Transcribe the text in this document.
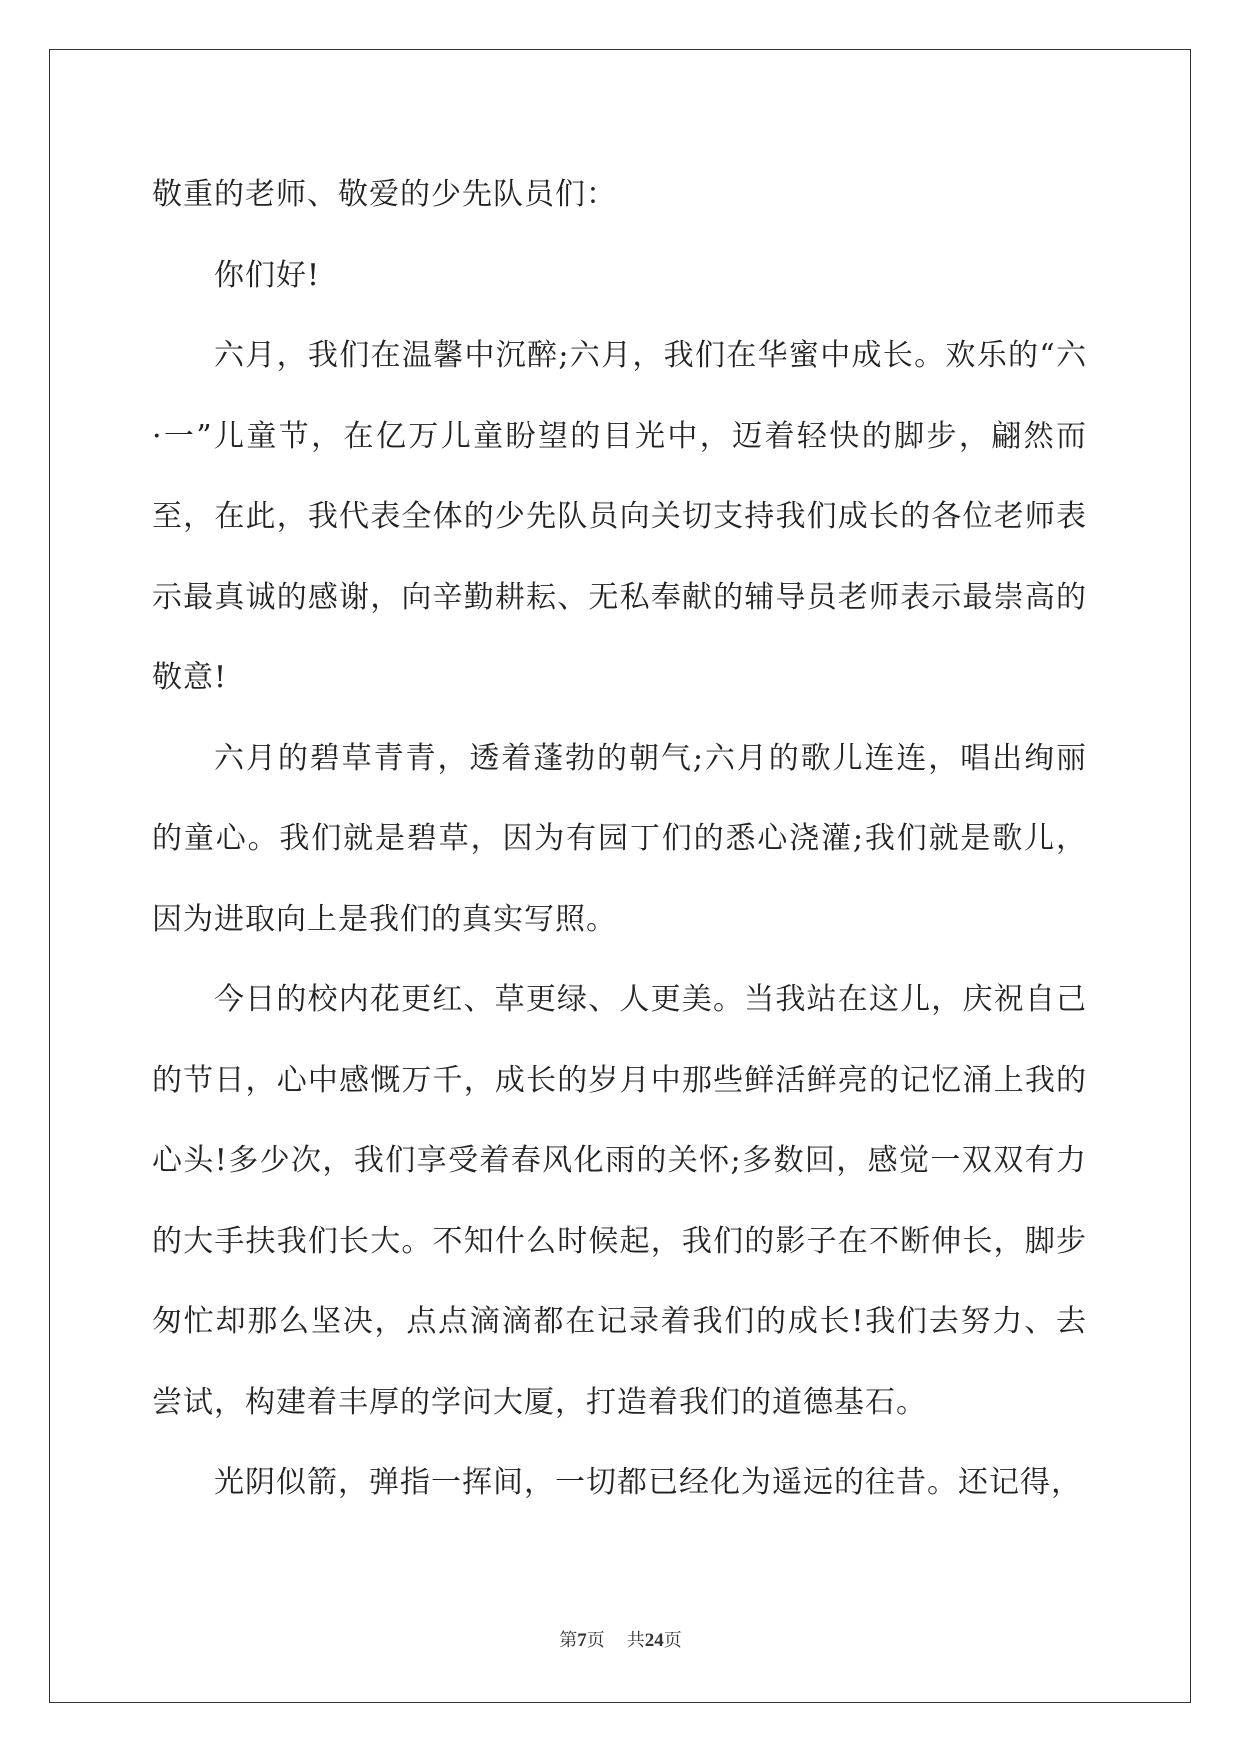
敬重的老师、敬爱的少先队员们：

你们好!

六月，我们在温馨中沉醉;六月，我们在华蜜中成长。欢乐的“六·一”儿童节，在亿万儿童盼望的目光中，迈着轻快的脚步，翩然而至，在此，我代表全体的少先队员向关切支持我们成长的各位老师表示最真诚的感谢，向辛勤耕耘、无私奉献的辅导员老师表示最崇高的敬意!

六月的碧草青青，透着蓬勃的朝气;六月的歌儿连连，唱出绚丽的童心。我们就是碧草，因为有园丁们的悉心浇灌;我们就是歌儿，因为进取向上是我们的真实写照。

今日的校内花更红、草更绿、人更美。当我站在这儿，庆祝自己的节日，心中感慨万千，成长的岁月中那些鲜活鲜亮的记忆涌上我的心头!多少次，我们享受着春风化雨的关怀;多数回，感觉一双双有力的大手扶我们长大。不知什么时候起，我们的影子在不断伸长，脚步匆忙却那么坚决，点点滴滴都在记录着我们的成长!我们去努力、去尝试，构建着丰厚的学问大厦，打造着我们的道德基石。

光阴似箭，弹指一挥间，一切都已经化为遥远的往昔。还记得，

第7页 共24页
